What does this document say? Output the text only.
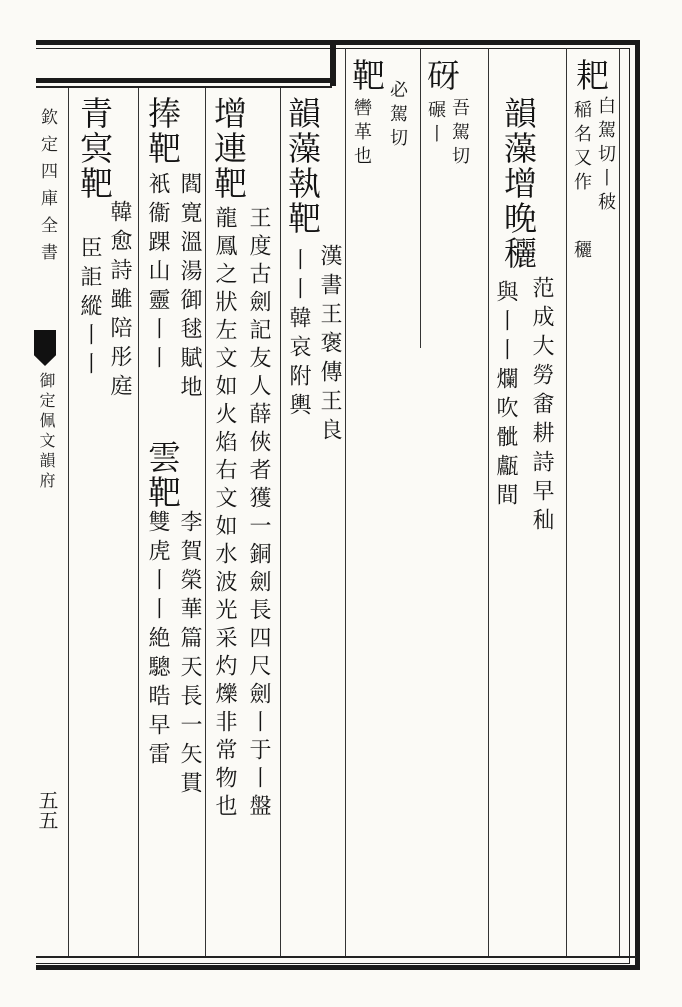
欽定四庫全書
御定佩文韻府
五五
耙
白駕切丨秛
稲名又作
穲
砑
吾駕切
碾丨
靶
必駕切
轡革也	韻藻增晚穲
范成大勞畬耕詩早秈
與丨丨爛吹骴甗間
韻藻執靶
漢書王褒傳王良
丨丨韓哀附輿
增連靶
王度古劍記友人薛俠者獲一銅劍長四尺劍丨于丨盤
龍鳳之狀左文如火焰右文如水波光采灼爍非常物也
捧靶
閻寛溫湯御毬賦地
衹衞踝山靈丨丨
雲靶
李賀榮華篇天長一矢貫
雙虎丨丨絶驄晧早雷
青㝠靶
韓愈詩雖陪彤庭
臣詎縱丨丨
